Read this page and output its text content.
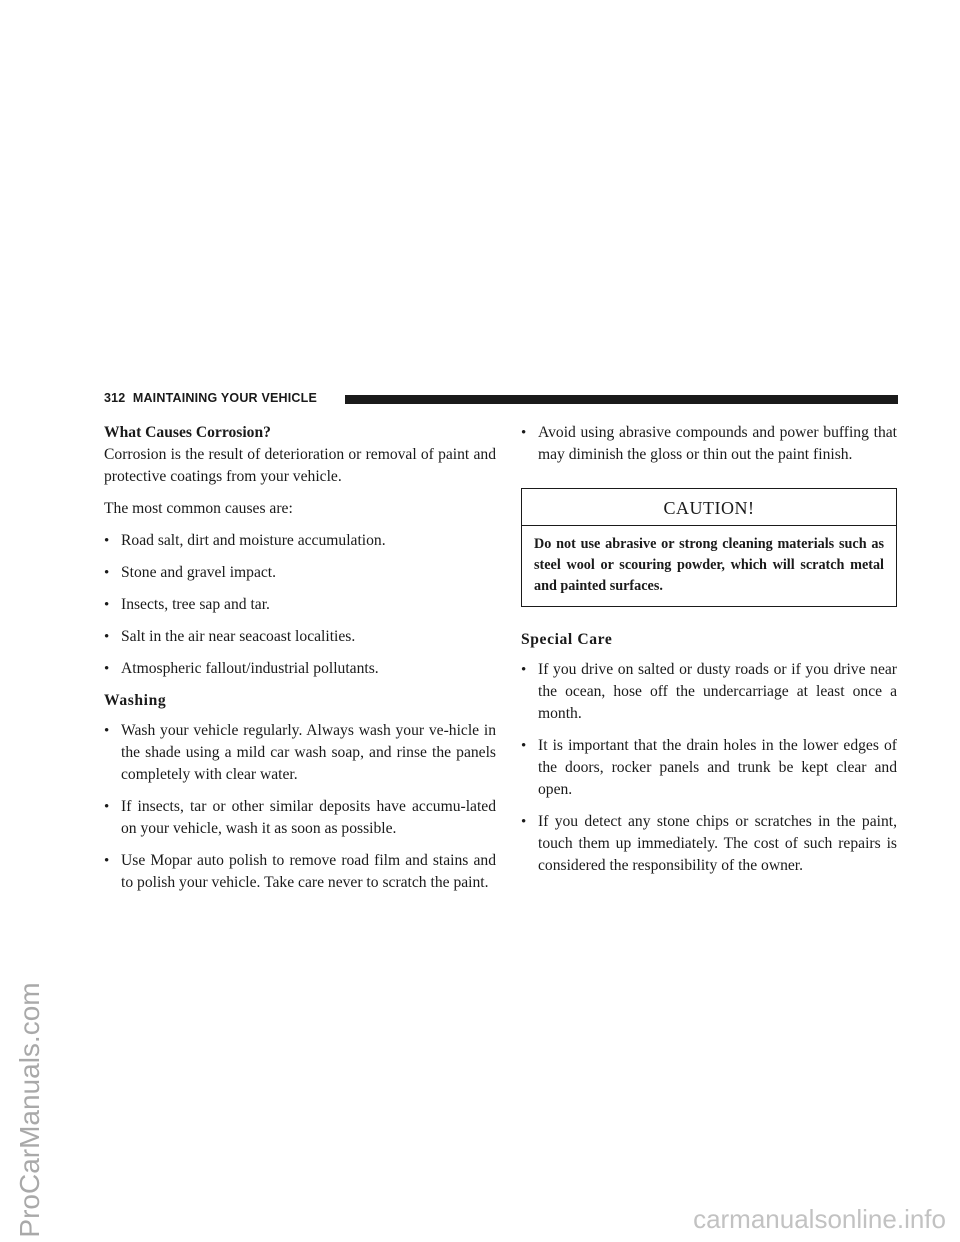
312 MAINTAINING YOUR VEHICLE
What Causes Corrosion?

Corrosion is the result of deterioration or removal of paint and protective coatings from your vehicle.

The most common causes are:

• Road salt, dirt and moisture accumulation.
• Stone and gravel impact.
• Insects, tree sap and tar.
• Salt in the air near seacoast localities.
• Atmospheric fallout/industrial pollutants.
Washing
• Wash your vehicle regularly. Always wash your ve-hicle in the shade using a mild car wash soap, and rinse the panels completely with clear water.
• If insects, tar or other similar deposits have accumu-lated on your vehicle, wash it as soon as possible.
• Use Mopar auto polish to remove road film and stains and to polish your vehicle. Take care never to scratch the paint.
• Avoid using abrasive compounds and power buffing that may diminish the gloss or thin out the paint finish.
CAUTION!
Do not use abrasive or strong cleaning materials such as steel wool or scouring powder, which will scratch metal and painted surfaces.
Special Care
• If you drive on salted or dusty roads or if you drive near the ocean, hose off the undercarriage at least once a month.
• It is important that the drain holes in the lower edges of the doors, rocker panels and trunk be kept clear and open.
• If you detect any stone chips or scratches in the paint, touch them up immediately. The cost of such repairs is considered the responsibility of the owner.
ProCarManuals.com	carmanualsonline.info
